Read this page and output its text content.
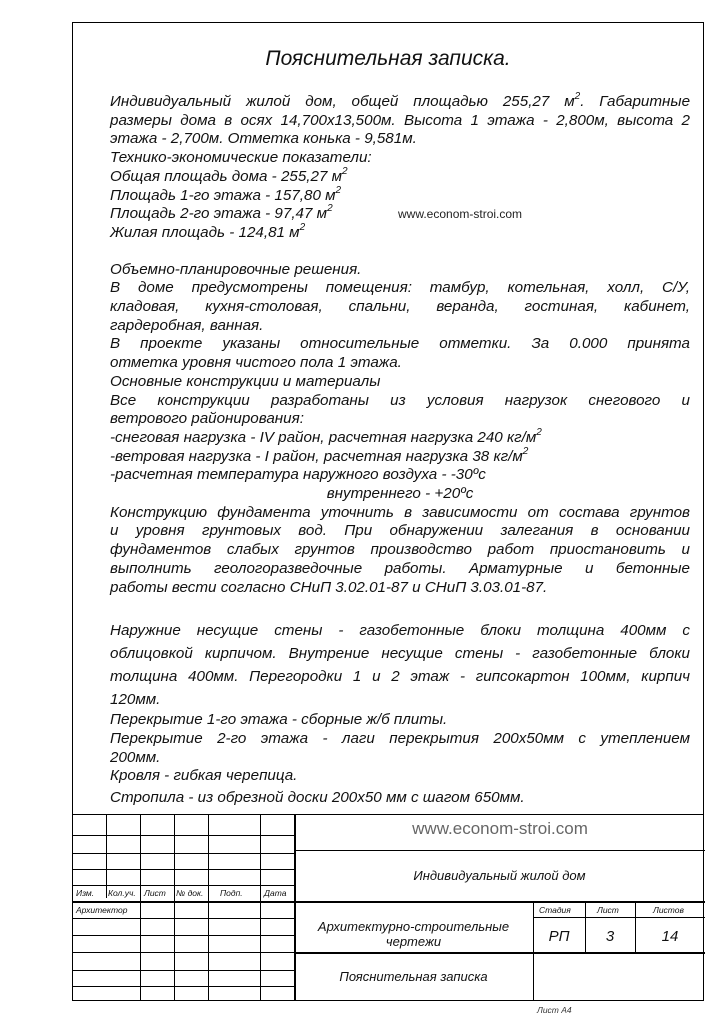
Пояснительная записка.

Индивидуальный жилой дом, общей площадью 255,27 $м^2$. Габаритные

размеры дома в осях 14,700х13,500м. Высота 1 этажа - 2,800м, высота 2

этажа - 2,700м. Отметка конька - 9,581м.

Технико-экономические показатели:

Общая площадь дома - 255,27 $м^2$

Площадь 1-го этажа - 157,80 $м^2$

Площадь 2-го этажа - 97,47 $м^2$

Жилая площадь - 124,81 $м^2$

Объемно-планировочные решения.

В доме предусмотрены помещения: тамбур, котельная, холл, С/У,

кладовая, кухня-столовая, спальни, веранда, гостиная, кабинет,

гардеробная, ванная.

В проекте указаны относительные отметки. За 0.000 принята

отметка уровня чистого пола 1 этажа.

Основные конструкции и материалы

Все конструкции разработаны из условия нагрузок снегового и

ветрового районирования:

-снеговая нагрузка - IV район, расчетная нагрузка 240 $кг/м^2$

-ветровая нагрузка - I район, расчетная нагрузка 38 $кг/м^2$

-расчетная температура наружного воздуха - -30ºс

внутреннего - +20ºс

Конструкцию фундамента уточнить в зависимости от состава грунтов

и уровня грунтовых вод. При обнаружении залегания в основании

фундаментов слабых грунтов производство работ приостановить и

выполнить геологоразведочные работы. Арматурные и бетонные

работы вести согласно СНиП 3.02.01-87 и СНиП 3.03.01-87.

Наружние несущие стены - газобетонные блоки толщина 400мм с

облицовкой кирпичом. Внутрение несущие стены - газобетонные блоки

толщина 400мм. Перегородки 1 и 2 этаж - гипсокартон 100мм, кирпич

120мм.

Перекрытие 1-го этажа - сборные ж/б плиты.

Перекрытие 2-го этажа - лаги перекрытия 200х50мм с утеплением

200мм.

Кровля - гибкая черепица.

Стропила - из обрезной доски 200х50 мм с шагом 650мм.

www.econom-stroi.com
www.econom-stroi.com
Изм. Кол.уч. Лист № док. Подп.	Дата
Архитектор
Индивидуальный жилой дом
Архитектурно-строительные
чертежи
Стадия	Лист	Листов
РП	3	14
Пояснительная записка
Лист А4
